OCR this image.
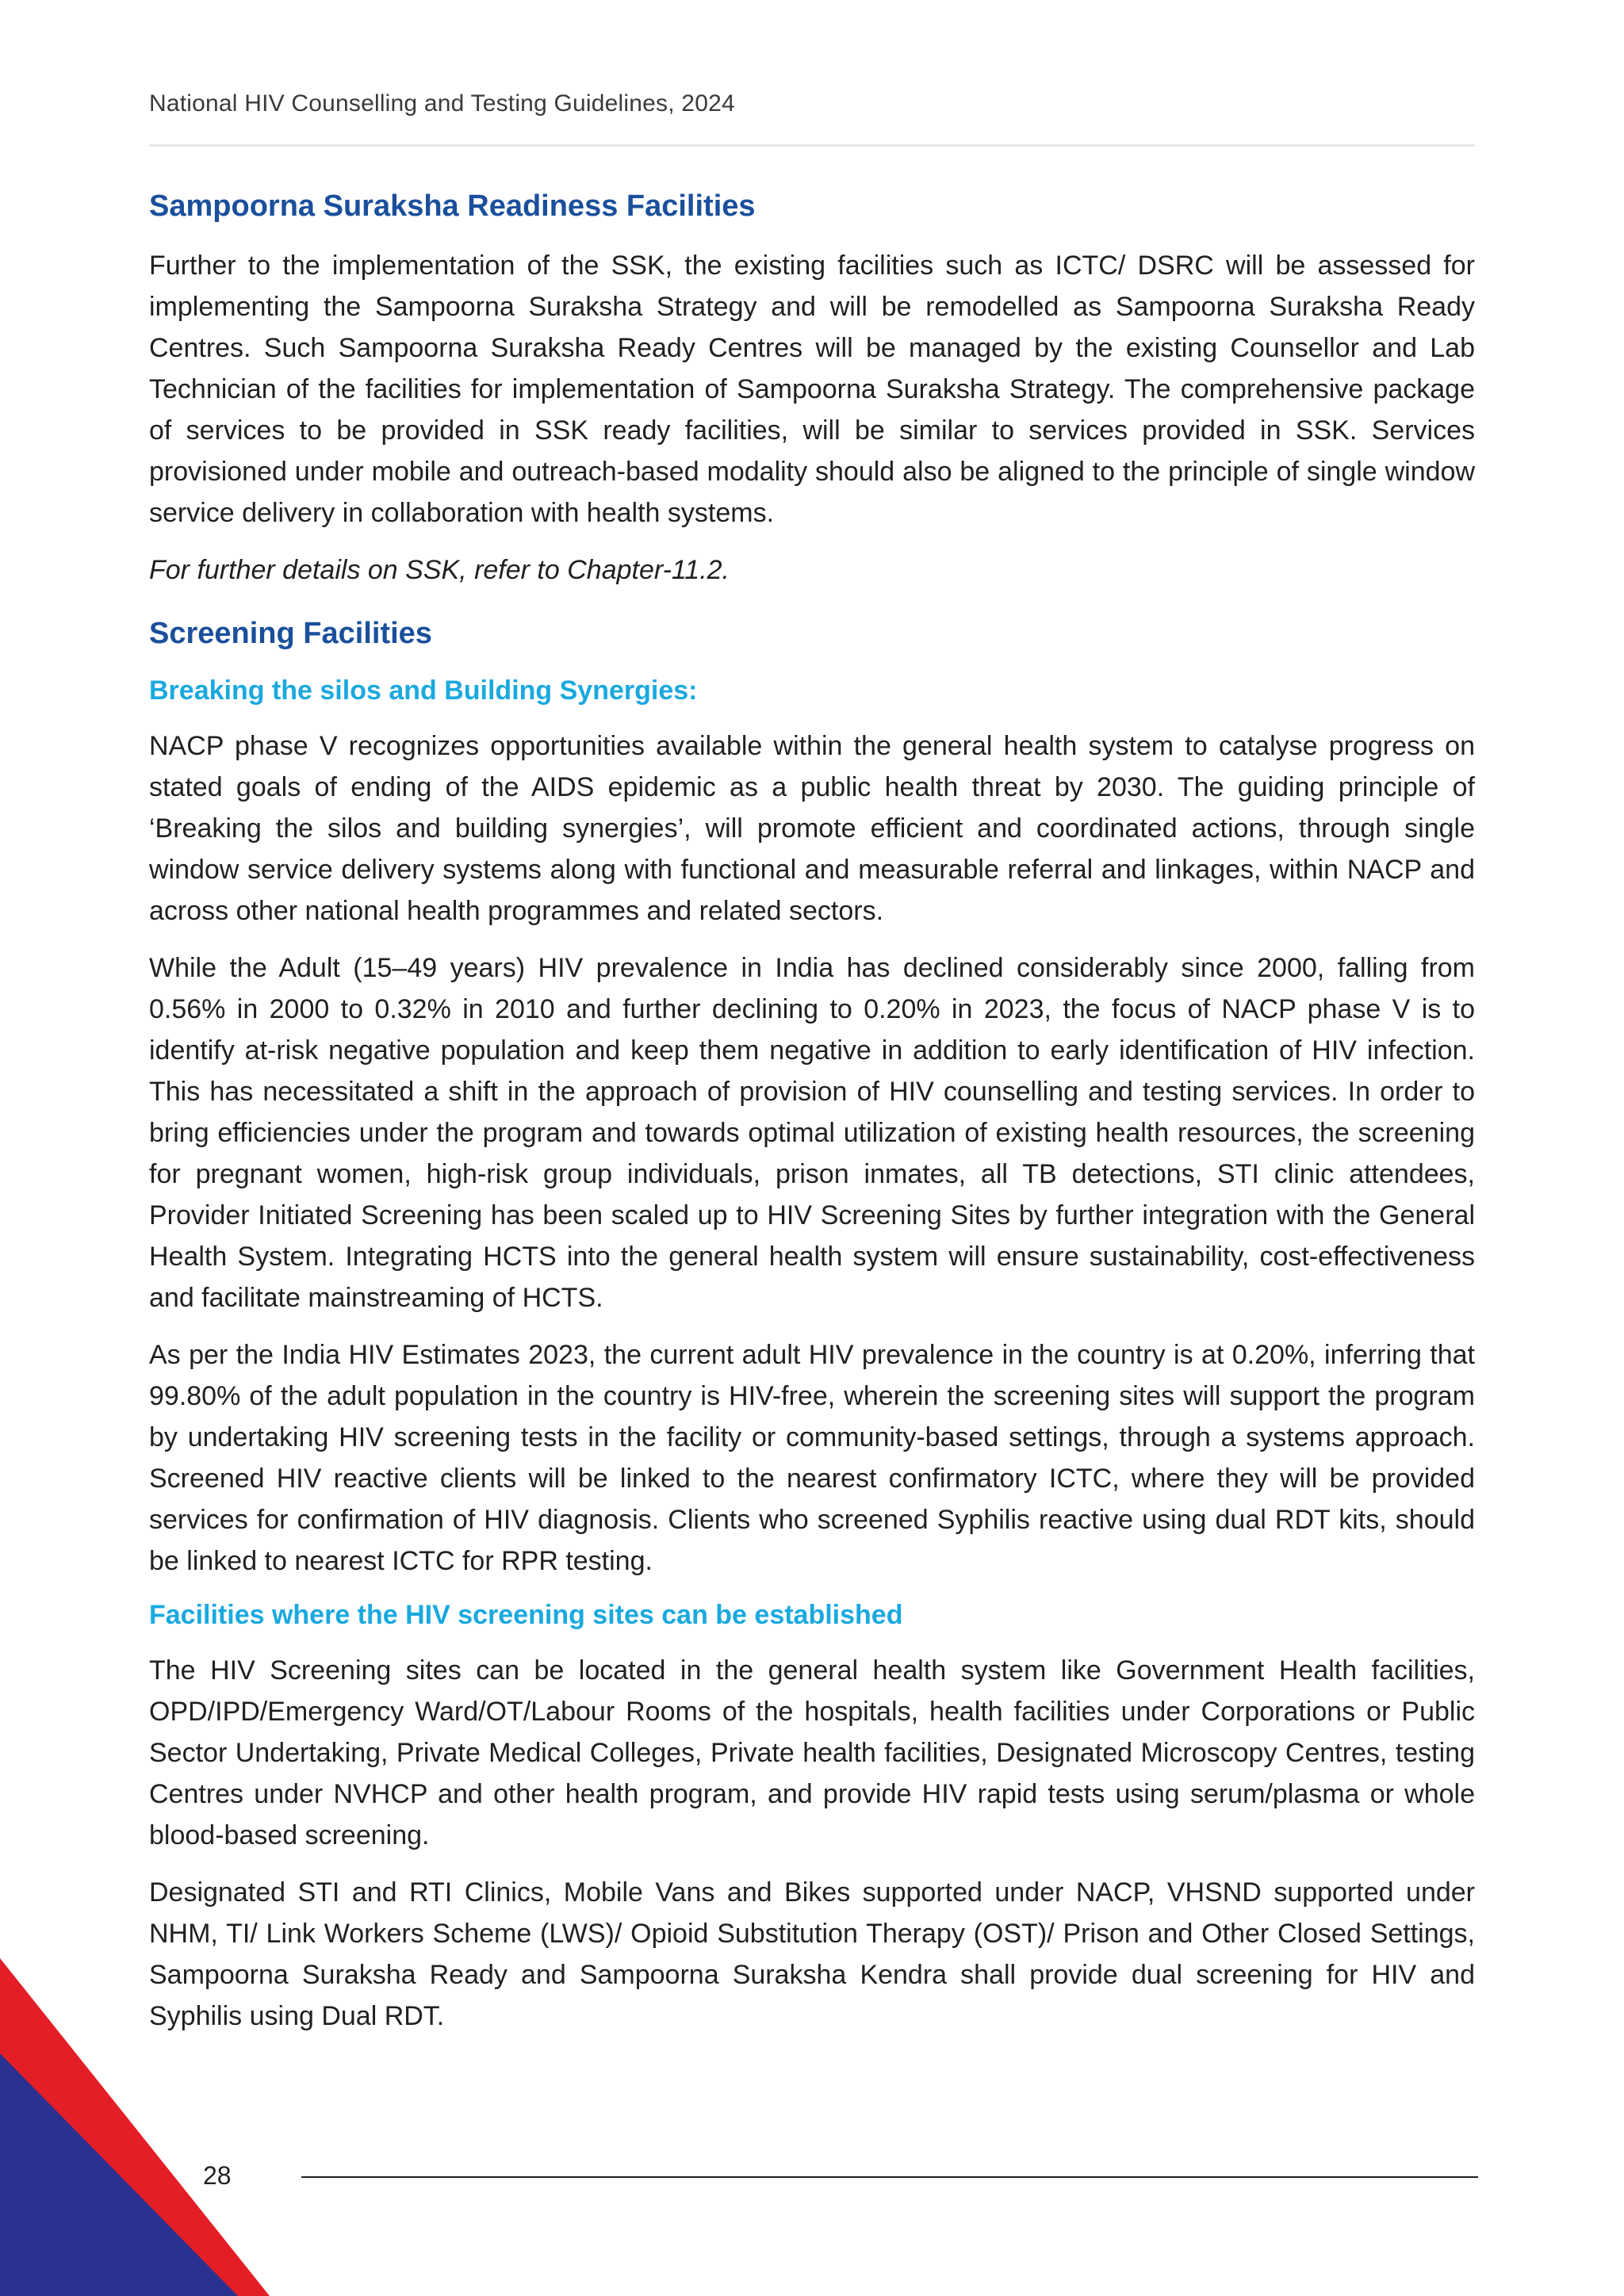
National HIV Counselling and Testing Guidelines, 2024
Sampoorna Suraksha Readiness Facilities

Further to the implementation of the SSK, the existing facilities such as ICTC/ DSRC will be assessed for implementing the Sampoorna Suraksha Strategy and will be remodelled as Sampoorna Suraksha Ready Centres. Such Sampoorna Suraksha Ready Centres will be managed by the existing Counsellor and Lab Technician of the facilities for implementation of Sampoorna Suraksha Strategy. The comprehensive package of services to be provided in SSK ready facilities, will be similar to services provided in SSK. Services provisioned under mobile and outreach-based modality should also be aligned to the principle of single window service delivery in collaboration with health systems.

For further details on SSK, refer to Chapter-11.2.

Screening Facilities
Breaking the silos and Building Synergies:

NACP phase V recognizes opportunities available within the general health system to catalyse progress on stated goals of ending of the AIDS epidemic as a public health threat by 2030. The guiding principle of ‘Breaking the silos and building synergies’, will promote efficient and coordinated actions, through single window service delivery systems along with functional and measurable referral and linkages, within NACP and across other national health programmes and related sectors.

While the Adult (15–49 years) HIV prevalence in India has declined considerably since 2000, falling from 0.56% in 2000 to 0.32% in 2010 and further declining to 0.20% in 2023, the focus of NACP phase V is to identify at-risk negative population and keep them negative in addition to early identification of HIV infection. This has necessitated a shift in the approach of provision of HIV counselling and testing services. In order to bring efficiencies under the program and towards optimal utilization of existing health resources, the screening for pregnant women, high-risk group individuals, prison inmates, all TB detections, STI clinic attendees, Provider Initiated Screening has been scaled up to HIV Screening Sites by further integration with the General Health System. Integrating HCTS into the general health system will ensure sustainability, cost-effectiveness and facilitate mainstreaming of HCTS.

As per the India HIV Estimates 2023, the current adult HIV prevalence in the country is at 0.20%, inferring that 99.80% of the adult population in the country is HIV-free, wherein the screening sites will support the program by undertaking HIV screening tests in the facility or community-based settings, through a systems approach. Screened HIV reactive clients will be linked to the nearest confirmatory ICTC, where they will be provided services for confirmation of HIV diagnosis. Clients who screened Syphilis reactive using dual RDT kits, should be linked to nearest ICTC for RPR testing.

Facilities where the HIV screening sites can be established

The HIV Screening sites can be located in the general health system like Government Health facilities, OPD/IPD/Emergency Ward/OT/Labour Rooms of the hospitals, health facilities under Corporations or Public Sector Undertaking, Private Medical Colleges, Private health facilities, Designated Microscopy Centres, testing Centres under NVHCP and other health program, and provide HIV rapid tests using serum/plasma or whole blood-based screening.

Designated STI and RTI Clinics, Mobile Vans and Bikes supported under NACP, VHSND supported under NHM, TI/ Link Workers Scheme (LWS)/ Opioid Substitution Therapy (OST)/ Prison and Other Closed Settings, Sampoorna Suraksha Ready and Sampoorna Suraksha Kendra shall provide dual screening for HIV and Syphilis using Dual RDT.

28
